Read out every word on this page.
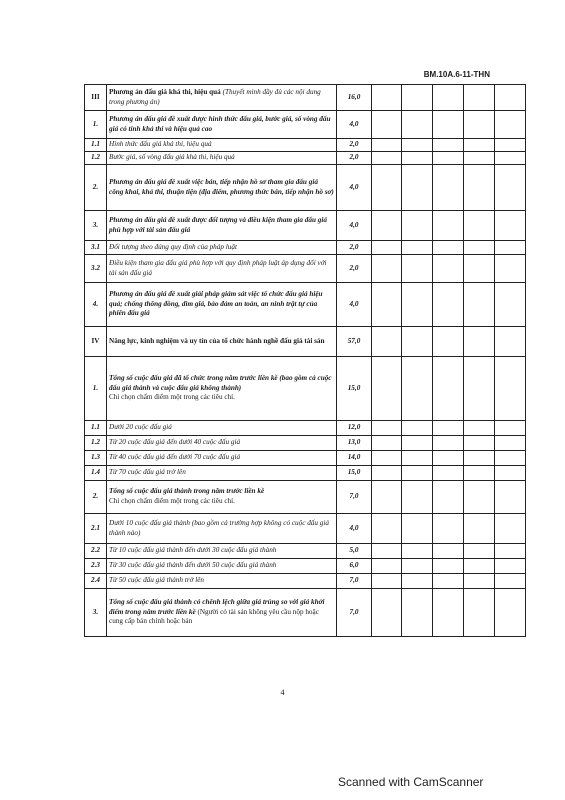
BM.10A.6-11-THN
III	Phương án đấu giá khả thi, hiệu quả (Thuyết minh đầy đủ các nội dung trong phương án)	16,0					
1.	Phương án đấu giá đề xuất được hình thức đấu giá, bước giá, số vòng đấu giá có tính khả thi và hiệu quả cao	4,0					
1.1	Hình thức đấu giá khả thi, hiệu quả	2,0					
1.2	Bước giá, số vòng đấu giá khả thi, hiệu quả	2,0					
2.	Phương án đấu giá đề xuất việc bán, tiếp nhận hồ sơ tham gia đấu giá công khai, khả thi, thuận tiện (địa điểm, phương thức bán, tiếp nhận hồ sơ)	4,0					
3.	Phương án đấu giá đề xuất được đối tượng và điều kiện tham gia đấu giá phù hợp với tài sản đấu giá	4,0					
3.1	Đối tượng theo đúng quy định của pháp luật	2,0					
3.2	Điều kiện tham gia đấu giá phù hợp với quy định pháp luật áp dụng đối với tài sản đấu giá	2,0					
4.	Phương án đấu giá đề xuất giải pháp giám sát việc tổ chức đấu giá hiệu quả; chống thông đồng, dìm giá, bảo đảm an toàn, an ninh trật tự của phiên đấu giá	4,0					
IV	Năng lực, kinh nghiệm và uy tín của tổ chức hành nghề đấu giá tài sản	57,0					
1.	Tổng số cuộc đấu giá đã tổ chức trong năm trước liền kề (bao gồm cả cuộc đấu giá thành và cuộc đấu giá không thành)
Chỉ chọn chấm điểm một trong các tiêu chí.	15,0					
1.1	Dưới 20 cuộc đấu giá	12,0					
1.2	Từ 20 cuộc đấu giá đến dưới 40 cuộc đấu giá	13,0					
1.3	Từ 40 cuộc đấu giá đến dưới 70 cuộc đấu giá	14,0					
1.4	Từ 70 cuộc đấu giá trở lên	15,0					
2.	Tổng số cuộc đấu giá thành trong năm trước liền kề
Chỉ chọn chấm điểm một trong các tiêu chí.	7,0					
2.1	Dưới 10 cuộc đấu giá thành (bao gồm cả trường hợp không có cuộc đấu giá thành nào)	4,0					
2.2	Từ 10 cuộc đấu giá thành đến dưới 30 cuộc đấu giá thành	5,0					
2.3	Từ 30 cuộc đấu giá thành đến dưới 50 cuộc đấu giá thành	6,0					
2.4	Từ 50 cuộc đấu giá thành trở lên	7,0					
3.	Tổng số cuộc đấu giá thành có chênh lệch giữa giá trúng so với giá khởi điểm trong năm trước liền kề (Người có tài sản không yêu cầu nộp hoặc cung cấp bản chính hoặc bản	7,0					
4
Scanned with CamScanner
